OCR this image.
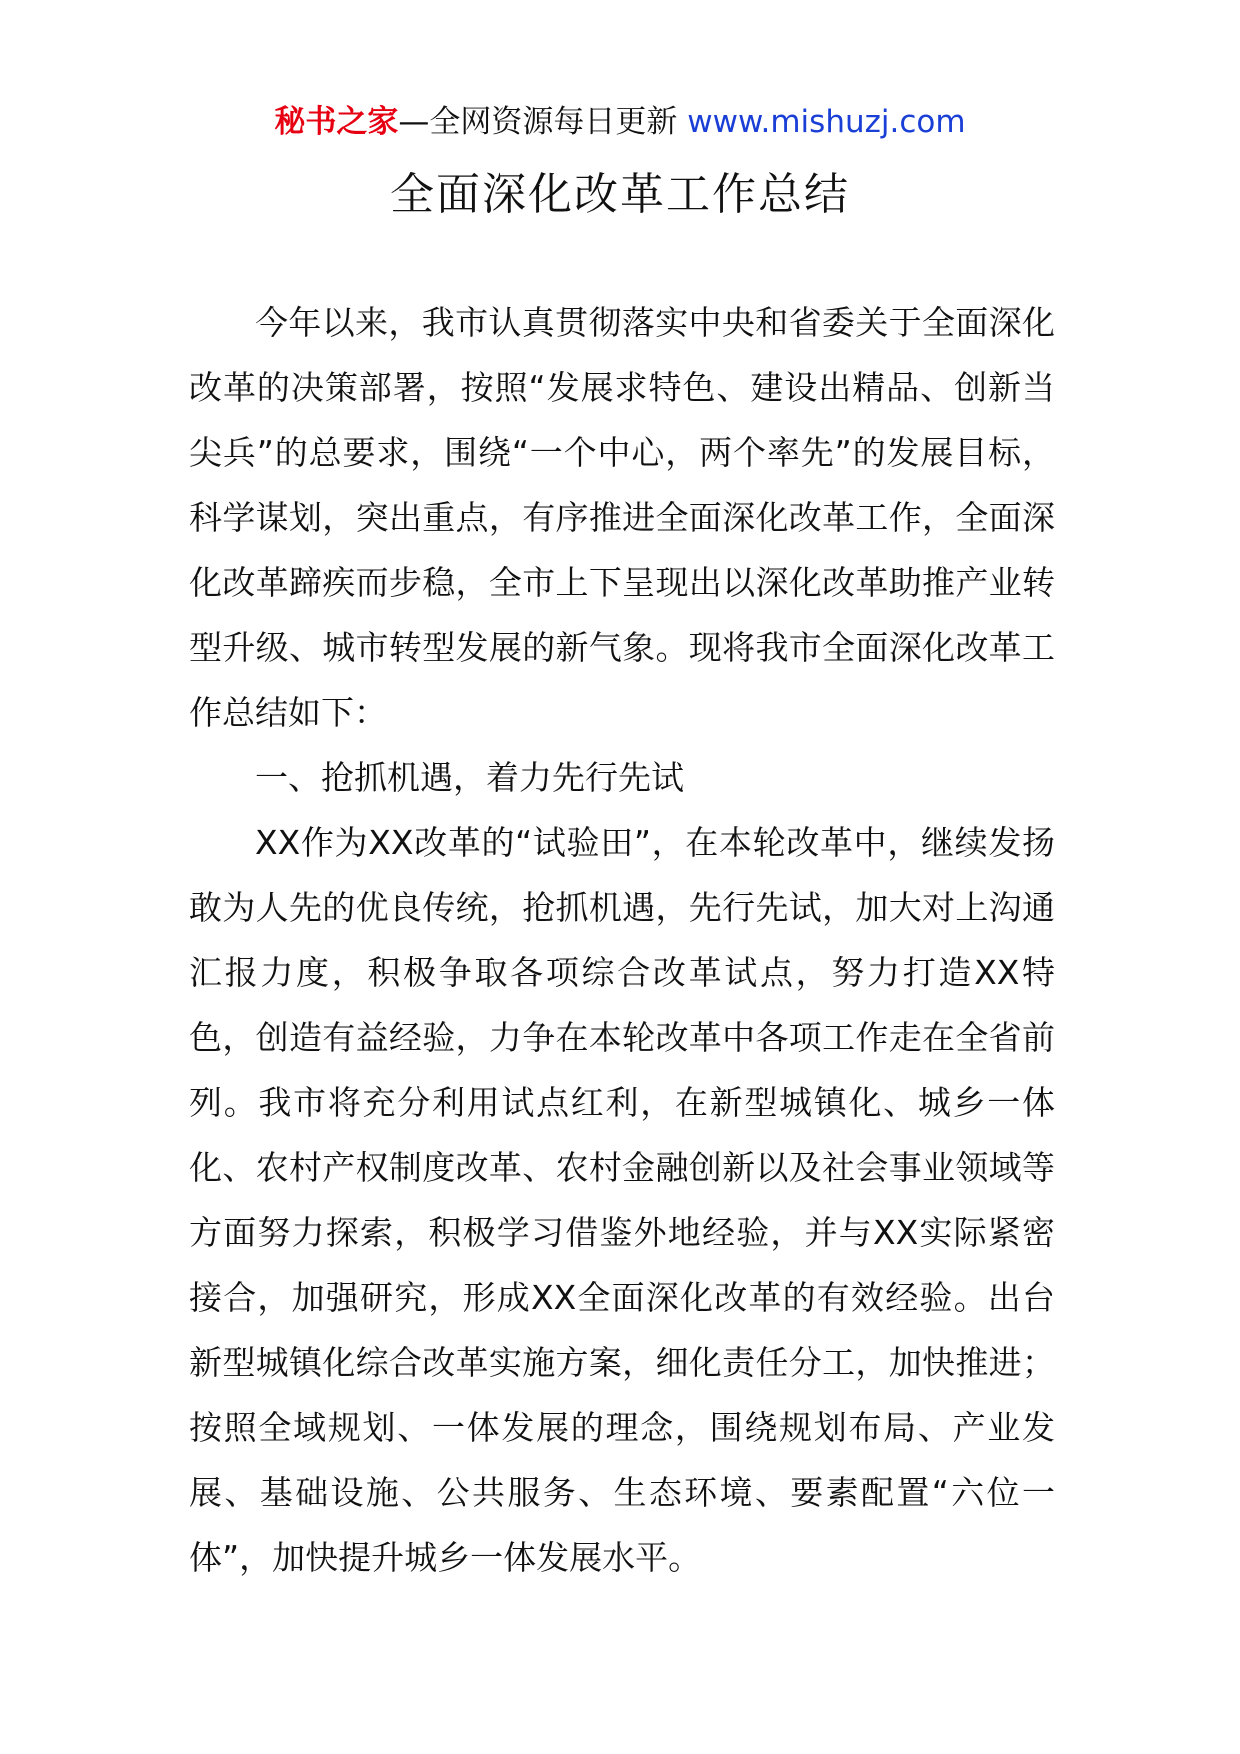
秘书之家—全网资源每日更新 www.mishuzj.com
全面深化改革工作总结

今年以来，我市认真贯彻落实中央和省委关于全面深化改革的决策部署，按照“发展求特色、建设出精品、创新当尖兵”的总要求，围绕“一个中心，两个率先”的发展目标，科学谋划，突出重点，有序推进全面深化改革工作，全面深化改革蹄疾而步稳，全市上下呈现出以深化改革助推产业转型升级、城市转型发展的新气象。现将我市全面深化改革工作总结如下：

一、抢抓机遇，着力先行先试

XX作为XX改革的“试验田”，在本轮改革中，继续发扬敢为人先的优良传统，抢抓机遇，先行先试，加大对上沟通汇报力度，积极争取各项综合改革试点，努力打造XX特色，创造有益经验，力争在本轮改革中各项工作走在全省前列。我市将充分利用试点红利，在新型城镇化、城乡一体化、农村产权制度改革、农村金融创新以及社会事业领域等方面努力探索，积极学习借鉴外地经验，并与XX实际紧密接合，加强研究，形成XX全面深化改革的有效经验。出台新型城镇化综合改革实施方案，细化责任分工，加快推进；按照全域规划、一体发展的理念，围绕规划布局、产业发展、基础设施、公共服务、生态环境、要素配置“六位一体”，加快提升城乡一体发展水平。
